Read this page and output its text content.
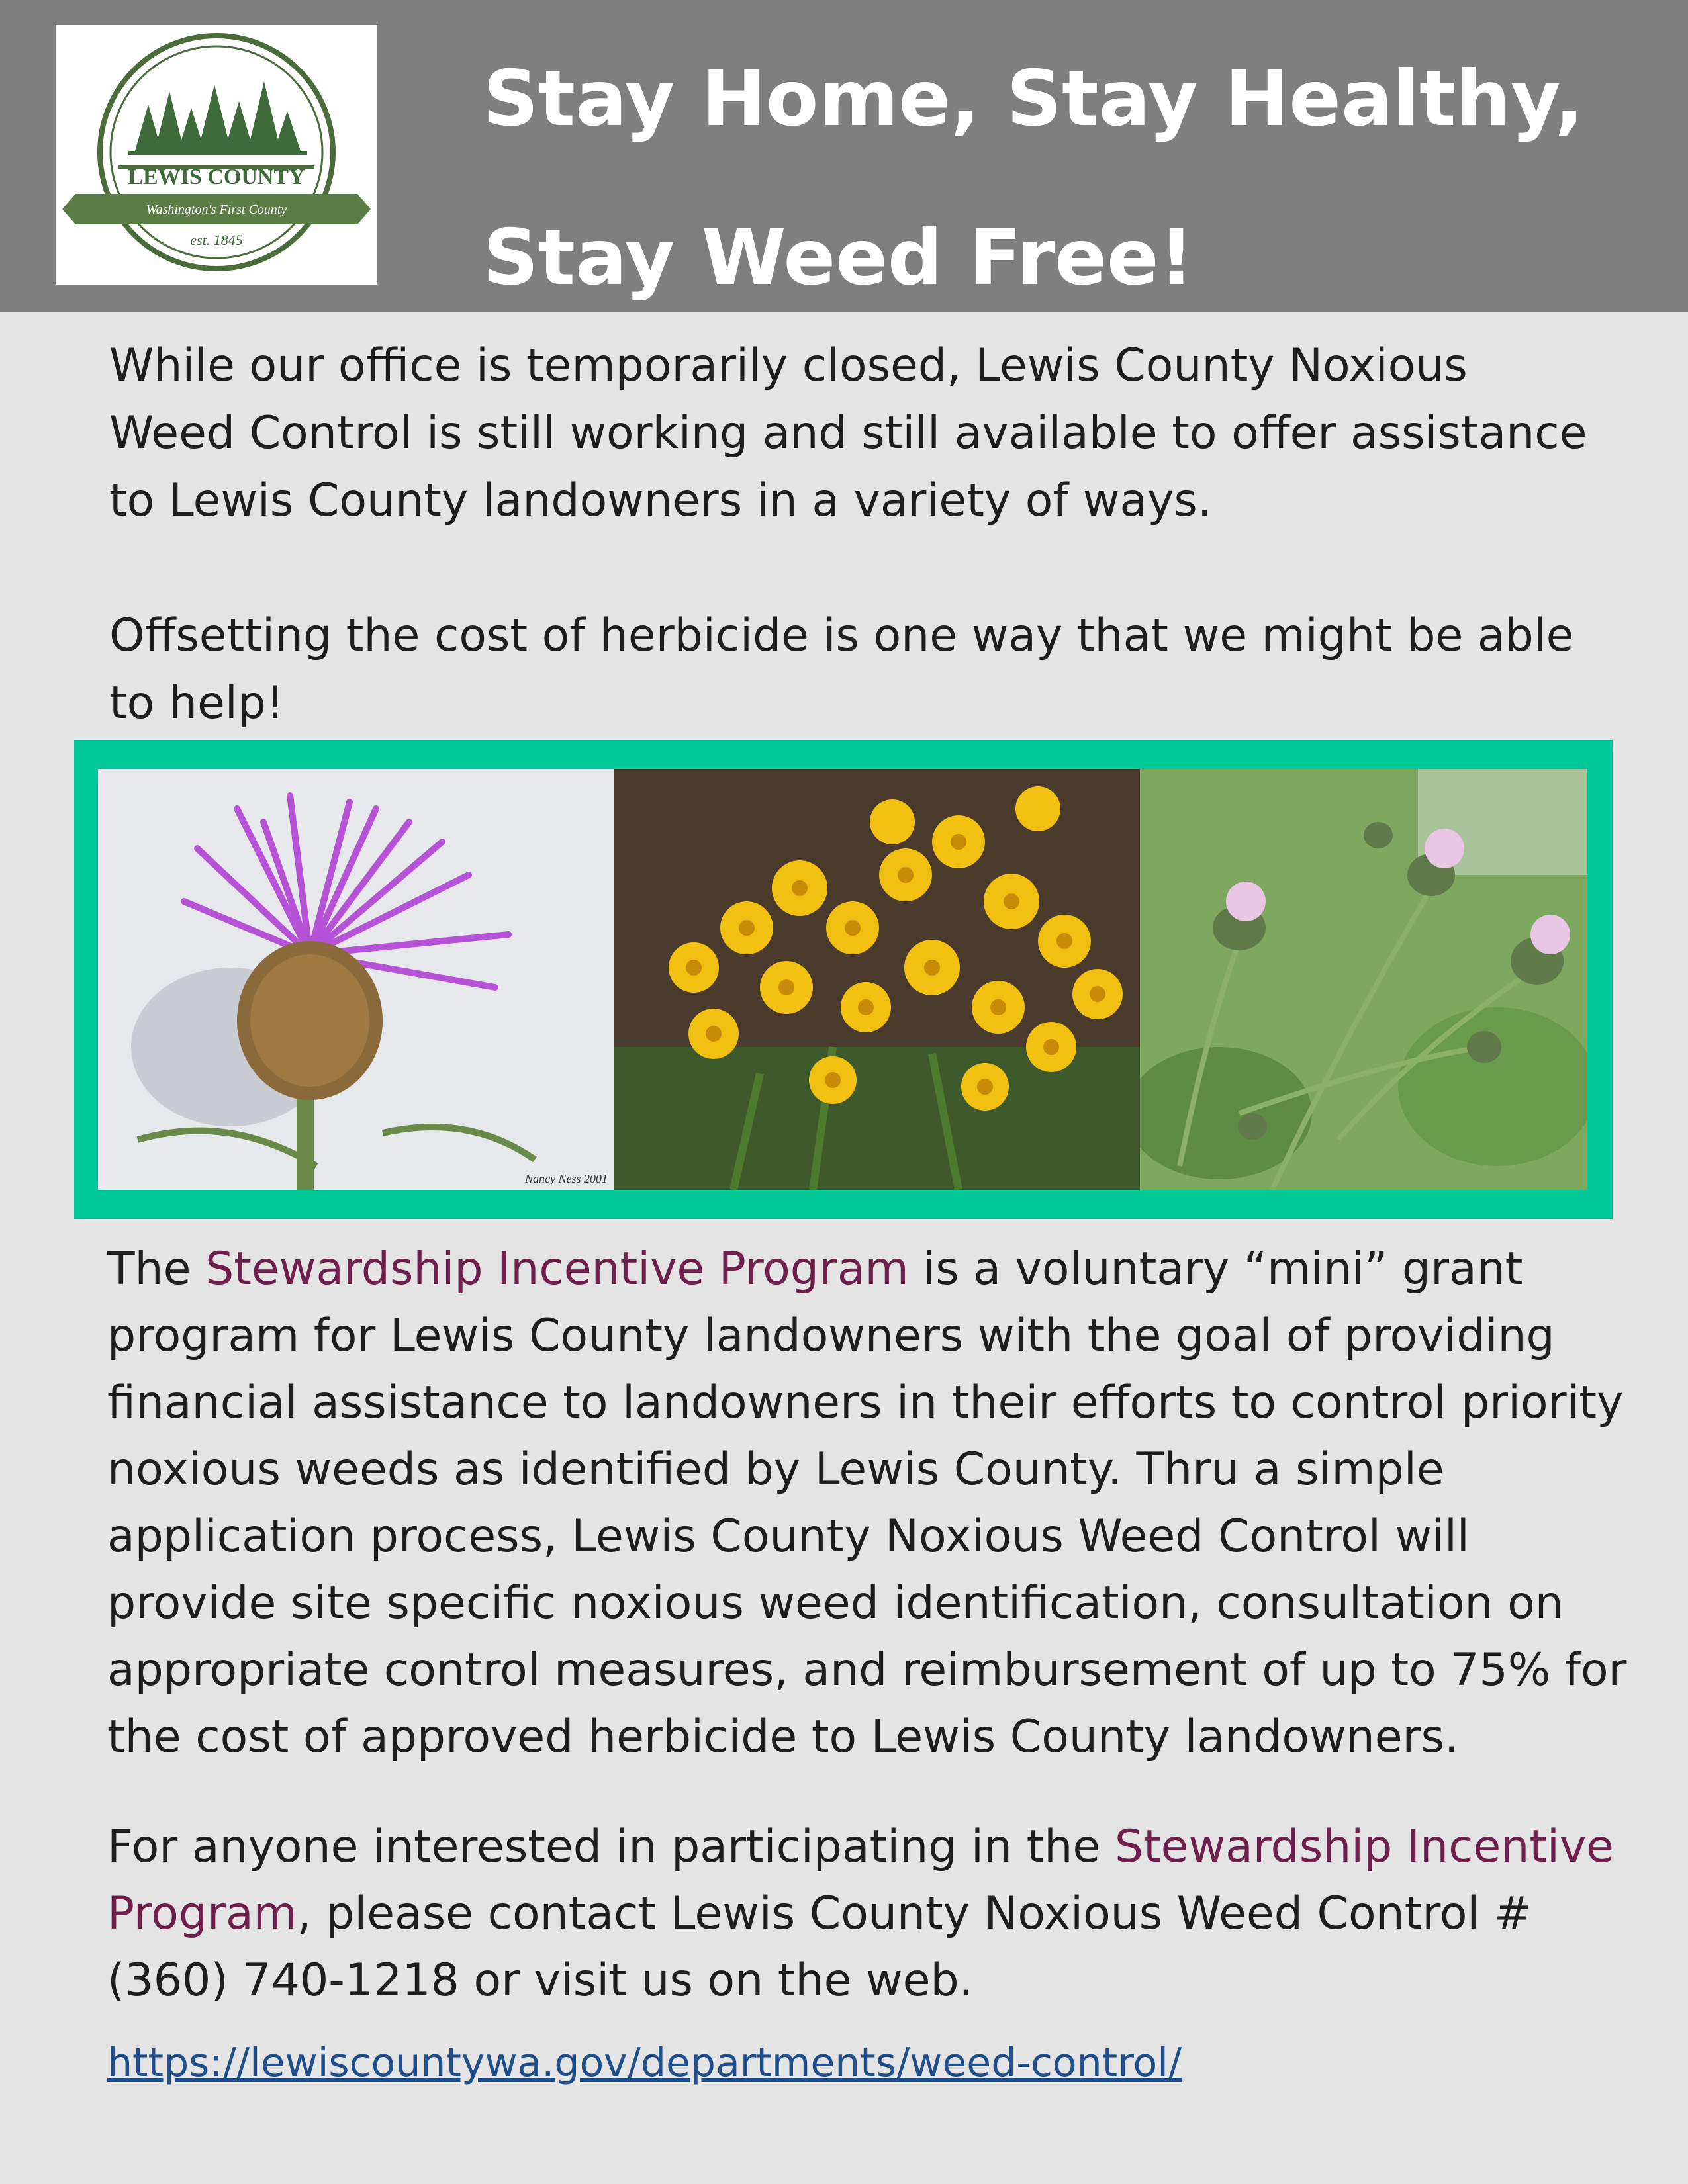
LEWIS COUNTY
Washington's First County
est. 1845
Stay Home, Stay Healthy,
Stay Weed Free!

While our office is temporarily closed, Lewis County Noxious Weed Control is still working and still available to offer assistance to Lewis County landowners in a variety of ways.

Offsetting the cost of herbicide is one way that we might be able to help!

Nancy Ness 2001

The Stewardship Incentive Program is a voluntary “mini” grant program for Lewis County landowners with the goal of providing financial assistance to landowners in their efforts to control priority noxious weeds as identified by Lewis County. Thru a simple application process, Lewis County Noxious Weed Control will provide site specific noxious weed identification, consultation on appropriate control measures, and reimbursement of up to 75% for the cost of approved herbicide to Lewis County landowners.

For anyone interested in participating in the Stewardship Incentive Program, please contact Lewis County Noxious Weed Control # (360) 740-1218 or visit us on the web.

https://lewiscountywa.gov/departments/weed-control/
